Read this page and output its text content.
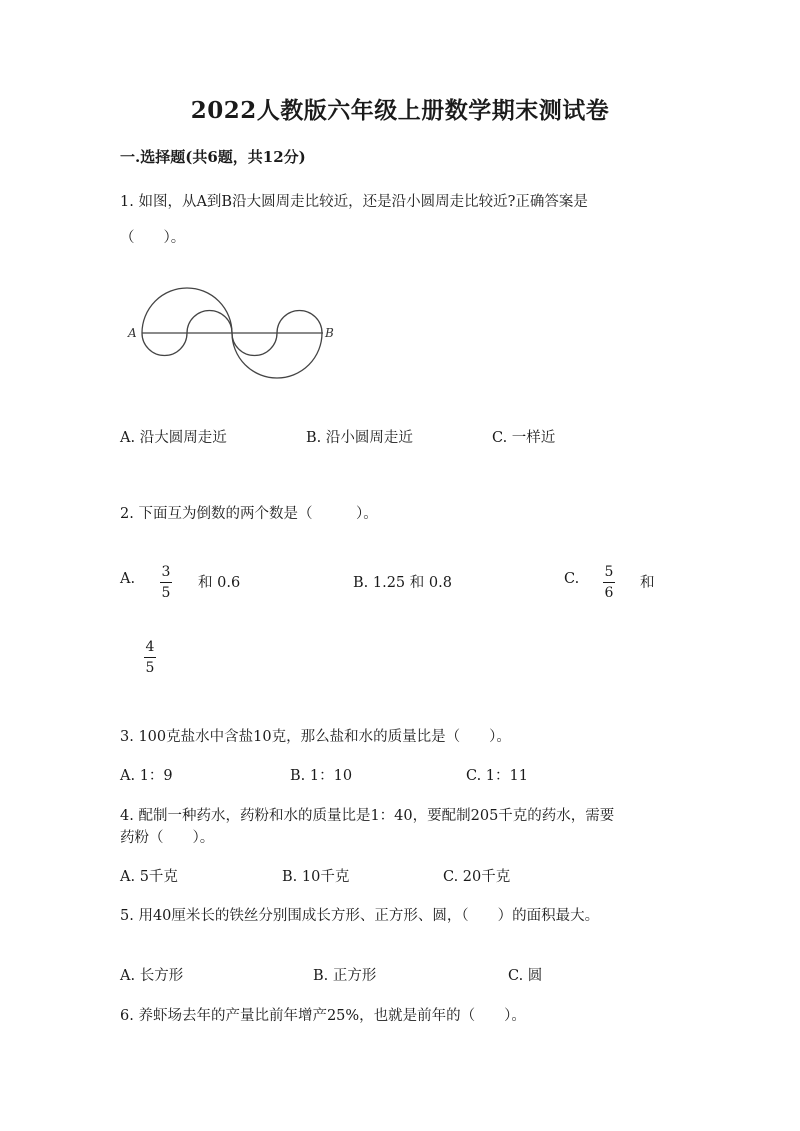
2022人教版六年级上册数学期末测试卷
一.选择题(共6题，共12分)
1. 如图，从A到B沿大圆周走比较近，还是沿小圆周走比较近?正确答案是
（　　）。
A	B
A. 沿大圆周走近	B. 沿小圆周走近	C. 一样近
2. 下面互为倒数的两个数是（　　　）。
A. 3
5
和 0.6	B. 1.25 和 0.8	C. 5
6
和
4
5
3. 100克盐水中含盐10克，那么盐和水的质量比是（　　）。
A. 1：9	B. 1：10	C. 1：11
4. 配制一种药水，药粉和水的质量比是1：40，要配制205千克的药水，需要
药粉（　　）。
A. 5千克	B. 10千克	C. 20千克
5. 用40厘米长的铁丝分别围成长方形、正方形、圆，（　　）的面积最大。
A. 长方形	B. 正方形	C. 圆
6. 养虾场去年的产量比前年增产25%，也就是前年的（　　）。
